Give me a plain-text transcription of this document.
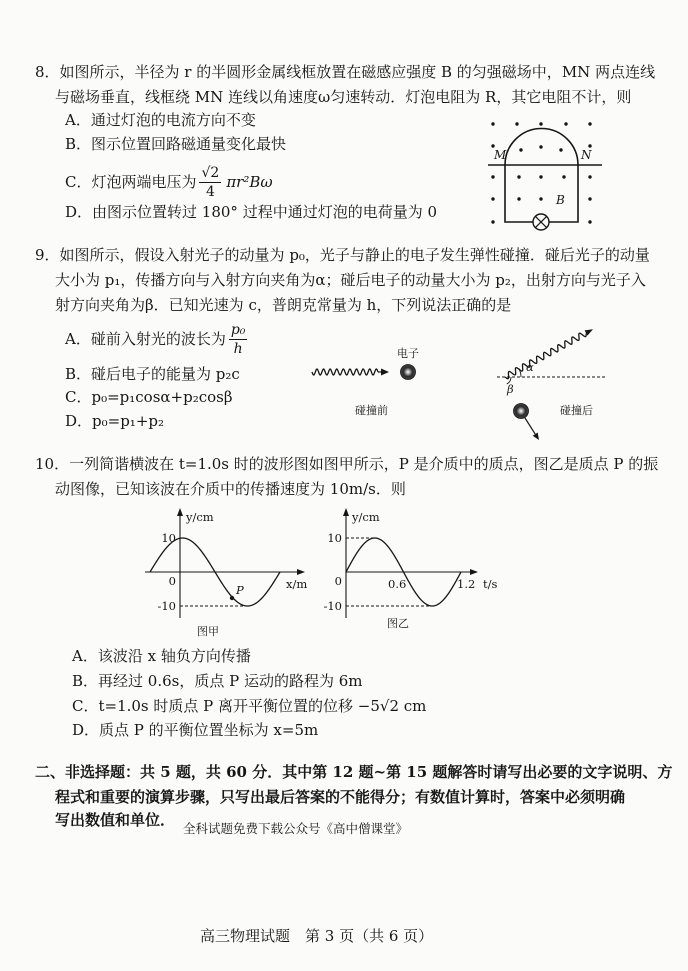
8．如图所示，半径为 r 的半圆形金属线框放置在磁感应强度 B 的匀强磁场中，MN 两点连线
与磁场垂直，线框绕 MN 连线以角速度ω匀速转动．灯泡电阻为 R，其它电阻不计，则
A．通过灯泡的电流方向不变
B．图示位置回路磁通量变化最快
C．灯泡两端电压为 $\frac{√2}{4} \pi r^2B\omega$
D．由图示位置转过 180° 过程中通过灯泡的电荷量为 0
M	N
B
9．如图所示，假设入射光子的动量为 p₀，光子与静止的电子发生弹性碰撞．碰后光子的动量
大小为 p₁，传播方向与入射方向夹角为α；碰后电子的动量大小为 p₂，出射方向与光子入
射方向夹角为β．已知光速为 c，普朗克常量为 h，下列说法正确的是
A．碰前入射光的波长为 $\frac{\text{p₀}}{h}$
B．碰后电子的能量为 p₂c
C．p₀=p₁cosα+p₂cosβ
D．p₀=p₁+p₂
电子
碰撞前
α
β
碰撞后
10．一列简谐横波在 t=1.0s 时的波形图如图甲所示，P 是介质中的质点，图乙是质点 P 的振
动图像，已知该波在介质中的传播速度为 10m/s．则
y/cm
10
0
-10
x/m
P
图甲
y/cm
10
0
-10
0.6	1.2 t/s
图乙
A．该波沿 x 轴负方向传播
B．再经过 0.6s，质点 P 运动的路程为 6m
C．t=1.0s 时质点 P 离开平衡位置的位移 −5√2 cm
D．质点 P 的平衡位置坐标为 x=5m
二、非选择题：共 5 题，共 60 分．其中第 12 题~第 15 题解答时请写出必要的文字说明、方
程式和重要的演算步骤，只写出最后答案的不能得分；有数值计算时，答案中必须明确
写出数值和单位． 全科试题免费下载公众号《高中僧课堂》
高三物理试题　第 3 页（共 6 页）
